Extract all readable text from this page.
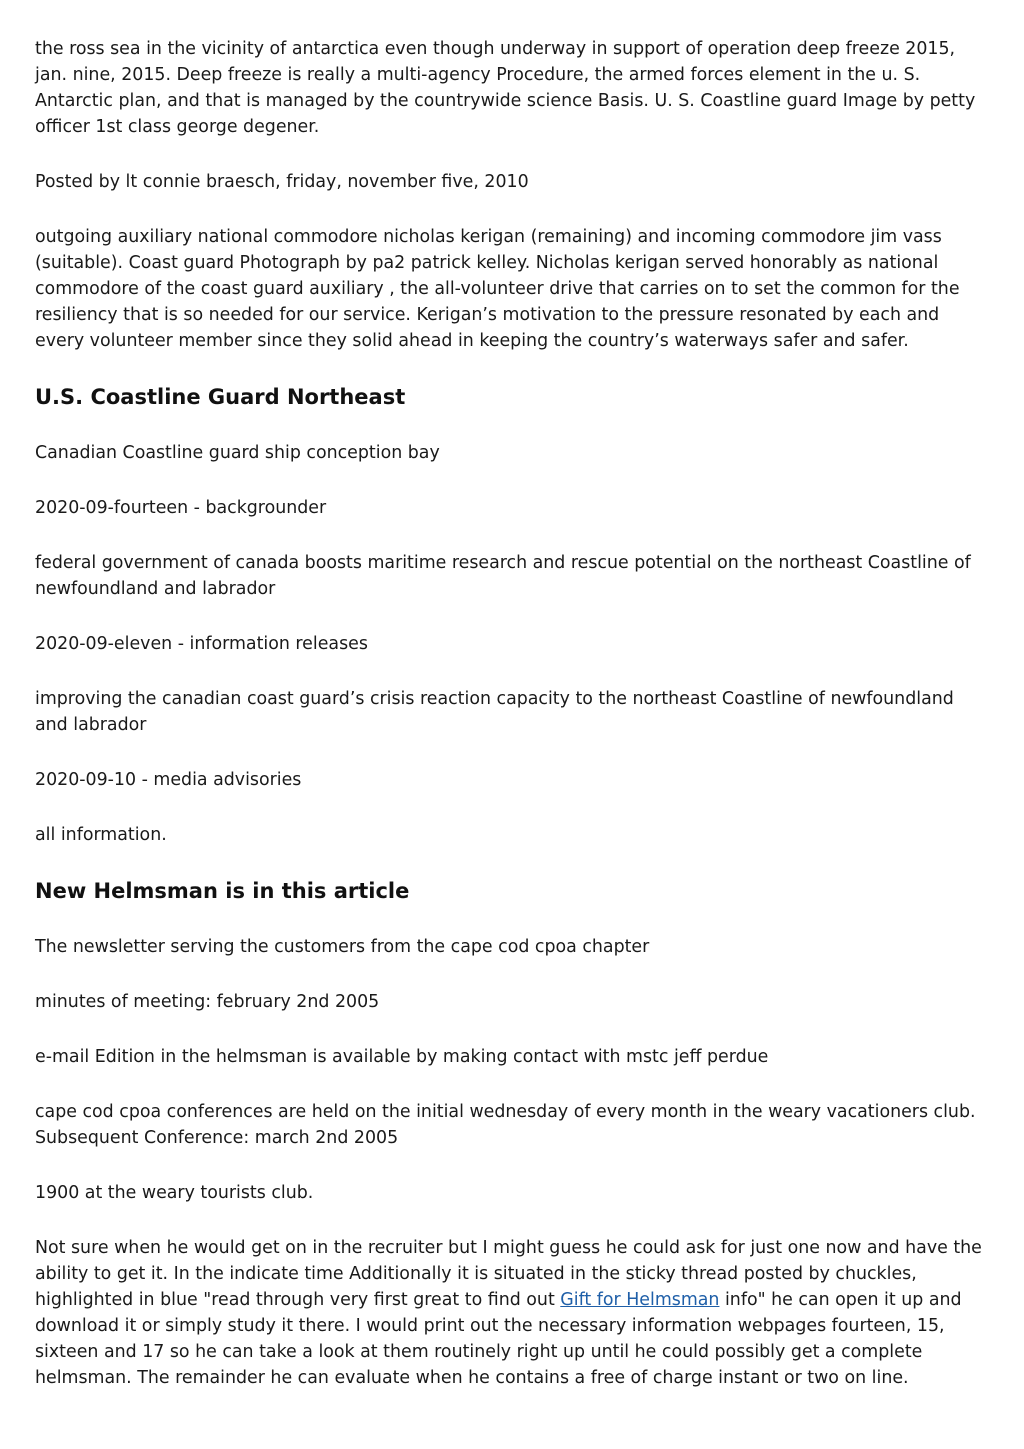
the ross sea in the vicinity of antarctica even though underway in support of operation deep freeze 2015, jan. nine, 2015. Deep freeze is really a multi-agency Procedure, the armed forces element in the u. S. Antarctic plan, and that is managed by the countrywide science Basis. U. S. Coastline guard Image by petty officer 1st class george degener.

Posted by lt connie braesch, friday, november five, 2010

outgoing auxiliary national commodore nicholas kerigan (remaining) and incoming commodore jim vass (suitable). Coast guard Photograph by pa2 patrick kelley. Nicholas kerigan served honorably as national commodore of the coast guard auxiliary , the all-volunteer drive that carries on to set the common for the resiliency that is so needed for our service. Kerigan’s motivation to the pressure resonated by each and every volunteer member since they solid ahead in keeping the country’s waterways safer and safer.

U.S. Coastline Guard Northeast

Canadian Coastline guard ship conception bay

2020-09-fourteen - backgrounder

federal government of canada boosts maritime research and rescue potential on the northeast Coastline of newfoundland and labrador

2020-09-eleven - information releases

improving the canadian coast guard’s crisis reaction capacity to the northeast Coastline of newfoundland and labrador

2020-09-10 - media advisories

all information.

New Helmsman is in this article

The newsletter serving the customers from the cape cod cpoa chapter

minutes of meeting: february 2nd 2005

e-mail Edition in the helmsman is available by making contact with mstc jeff perdue

cape cod cpoa conferences are held on the initial wednesday of every month in the weary vacationers club. Subsequent Conference: march 2nd 2005

1900 at the weary tourists club.

Not sure when he would get on in the recruiter but I might guess he could ask for just one now and have the ability to get it. In the indicate time Additionally it is situated in the sticky thread posted by chuckles, highlighted in blue "read through very first great to find out Gift for Helmsman info" he can open it up and download it or simply study it there. I would print out the necessary information webpages fourteen, 15, sixteen and 17 so he can take a look at them routinely right up until he could possibly get a complete helmsman. The remainder he can evaluate when he contains a free of charge instant or two on line.
